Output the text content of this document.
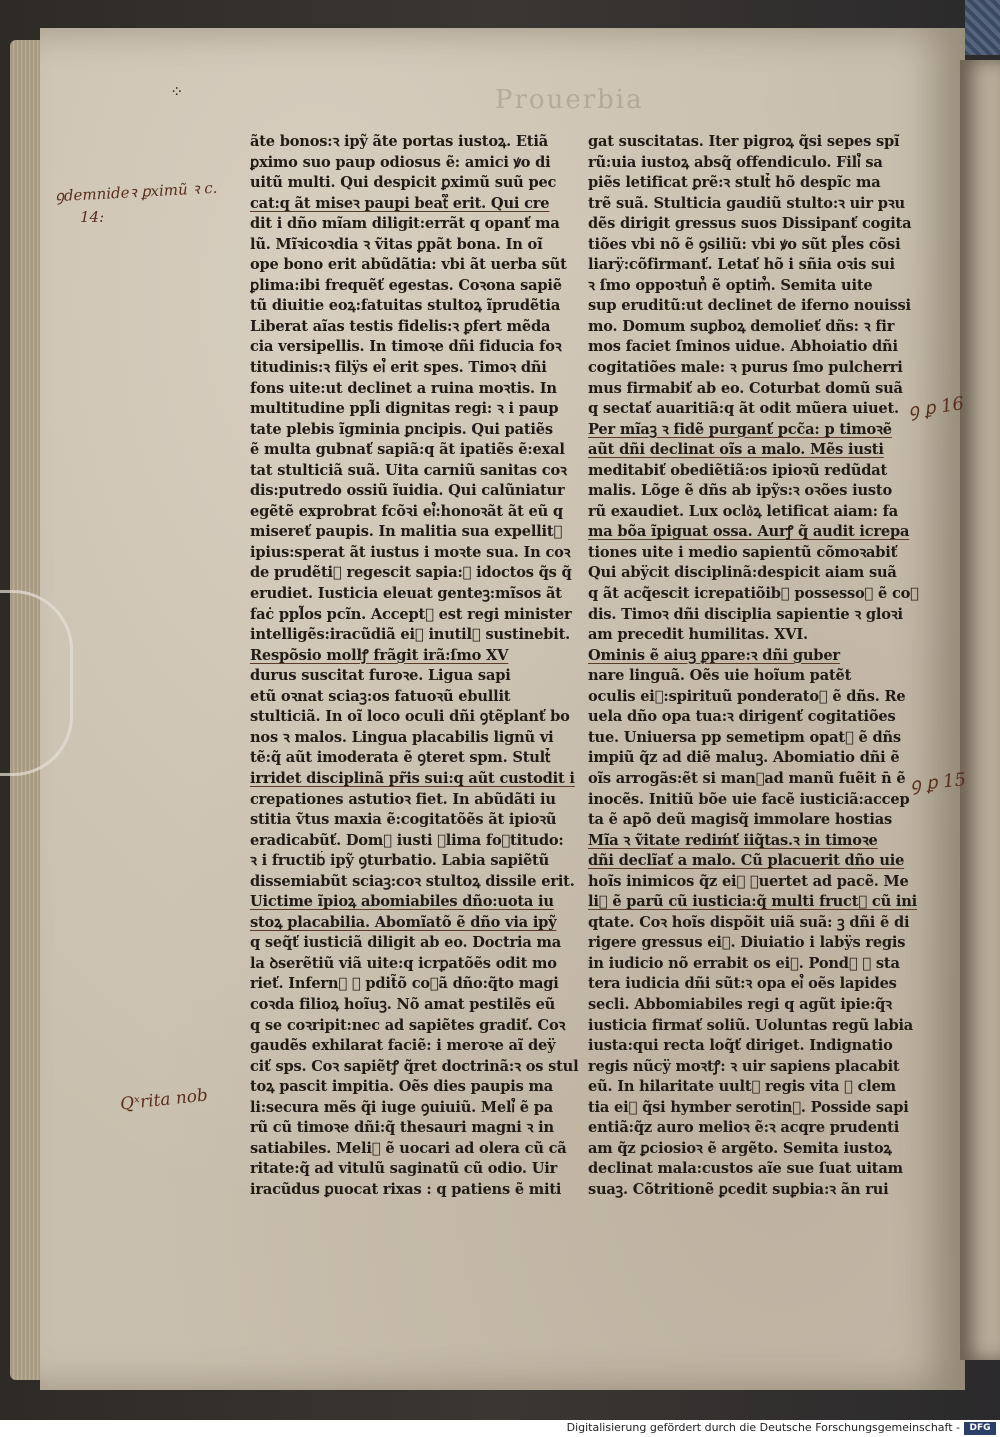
⁘	Prouerbia
ãte bonos:ꝛ ipỹ ãte portas iustoꝝ. Etiã
ꝑximo suo paup odiosus ẽ: amici ꝟo di
uitũ multi. Qui despicit ꝑximũ suũ pec
cat:q ãt miseꝛ paupi beat᷑ erit. Qui cre
dit i dño mĩam diligit:errãt q opanť ma
lũ. Mĩꝛicoꝛdia ꝛ ṽitas ꝑpãt bona. In oĩ
ope bono erit abũdãtia: vbi ãt uerba sũt
ꝑlima:ibi frequẽť egestas. Coꝛona sapiẽ
tũ diuitie eoꝝ:fatuitas stultoꝝ ĩprudẽtia
Liberat aĩas testis fidelis:ꝛ ꝑfert mẽda
cia versipellis. In timoꝛe dñi fiducia foꝛ
titudinis:ꝛ filÿs ei᷒ erit spes. Timoꝛ dñi
fons uite:ut declinet a ruina moꝛtis. In
multitudine ppl̃i dignitas regi: ꝛ i paup
tate plebis ĩgminia ꝑncipis. Qui patiẽs
ẽ multa gubnať sapiã:q ãt ipatiẽs ẽ:exal
tat stulticiã suã. Uita carniũ sanitas coꝛ
dis:putredo ossiũ ĩuidia. Qui calũniatur
egẽtẽ exprobrat fcõꝛi ei᷒:honoꝛãt ãt eũ q
misereť paupis. In malitia sua expellit᷑
ipius:sperat ãt iustus i moꝛte sua. In coꝛ
de prudẽti᷒ regescit sapia:ꝛ idoctos q̃s q̃
erudiet. Iusticia eleuat genteꝫ:mĩsos ãt
faċ ppl̃os pcĩn. Accept᷒ est regi minister
intelligẽs:iracũdiã ei᷒ inutil᷑ sustinebit.
Respõsio mollꝭ frãgit irã:ſmo XV
durus suscitat furoꝛe. Ligua sapi
etũ oꝛnat sciaꝫ:os fatuoꝛũ ebullit
stulticiã. In oĩ loco oculi dñi ꝯtẽplanť bo
nos ꝛ malos. Lingua placabilis lignũ vi
tẽ:q̃ aũt imoderata ẽ ꝯteret spm. Stult᷒
irridet disciplinã pr̃is sui:q aũt custodit i
crepationes astutioꝛ fiet. In abũdãti iu
stitia ṽtus maxia ẽ:cogitatõẽs ãt ipioꝛũ
eradicabũť. Dom᷒ iusti ꝑlima foꝛtitudo:
ꝛ i fructib᷒ ipỹ ꝯturbatio. Labia sapiẽtũ
dissemiabũt sciaꝫ:coꝛ stultoꝝ dissile erit.
Uictime ĩpioꝝ abomiabiles dño:uota iu
stoꝝ placabilia. Abomĩatõ ẽ dño via ipỹ
q seq̃ť iusticiã diligit ab eo. Doctria ma
la ꝺserẽtiũ viã uite:q icrꝑatõẽs odit mo
rieť. Infern᷒ ꝛ pdit̃õ coꝛã dño:q̃to magi
coꝛda filioꝝ hoĩuꝫ. Nõ amat pestilẽs eũ
q se coꝛripit:nec ad sapiẽtes gradiť. Coꝛ
gaudẽs exhilarat faciẽ: i meroꝛe aĩ deÿ
ciť sps. Coꝛ sapiẽtꝭ q̃ret doctrinã:ꝛ os stul
toꝝ pascit impitia. Oẽs dies paupis ma
li:secura mẽs q̃i iuge ꝯuiuiũ. Meli᷒ ẽ pa
rũ cũ timoꝛe dñi:q̃ thesauri magni ꝛ in
satiabiles. Meli᷒ ẽ uocari ad olera cũ cã
ritate:q̃ ad vitulũ saginatũ cũ odio. Uir
iracũdus ꝑuocat rixas : q patiens ẽ miti
gat suscitatas. Iter pigroꝝ q̃si sepes spĩ
rũ:uia iustoꝝ absq̃ offendiculo. Fili᷒ sa
piẽs letificat ꝑrẽ:ꝛ stult᷒ hõ despĩc ma
trẽ suã. Stulticia gaudiũ stulto:ꝛ uir pꝛu
dẽs dirigit gressus suos Dissipanť cogita
tiões vbi nõ ẽ ꝯsiliũ: vbi ꝟo sũt pl̃es cõsi
liarÿ:cõfirmanť. Letať hõ i sñia oꝛis sui
ꝛ ſmo oppoꝛtun᷒ ẽ optim᷒. Semita uite
sup eruditũ:ut declinet de iferno nouissi
mo. Domum suꝑboꝝ demolieť dñs: ꝛ fir
mos faciet ſminos uidue. Abhoiatio dñi
cogitatiões male: ꝛ purus ſmo pulcherri
mus firmabiť ab eo. Coturbat domũ suã
q sectať auaritiã:q ãt odit mũera uiuet.
Per mĩaꝫ ꝛ fidẽ purganť pcc̃a: p timoꝛẽ
aũt dñi declinat oĩs a malo. Mẽs iusti
meditabiť obediẽtiã:os ipioꝛũ redũdat
malis. Lõge ẽ dñs ab ipỹs:ꝛ oꝛões iusto
rũ exaudiet. Lux oclo͛ꝝ letificat aiam: fa
ma bõa ĩpiguat ossa. Aurꝭ q̃ audit icrepa
tiones uite i medio sapientũ cõmoꝛabiť
Qui abÿcit disciplinã:despicit aiam suã
q ãt acq̃escit icrepatiõib᷒ possessoꝛ ẽ coꝛ
dis. Timoꝛ dñi disciplia sapientie ꝛ gloꝛi
am precedit humilitas. XVI.
Ominis ẽ aiuꝫ ꝑpare:ꝛ dñi guber
nare linguã. Oẽs uie hoĩum patẽt
oculis ei᷒:spirituũ ponderatoꝛ ẽ dñs. Re
uela dño opa tua:ꝛ dirigenť cogitatiões
tue. Uniuersa pp semetipm opat᷒ ẽ dñs
impiũ q̃z ad diẽ maluꝫ. Abomiatio dñi ẽ
oĩs arrogãs:ẽt si man᷒ad manũ fuẽit n̄ ẽ
inocẽs. Initiũ bõe uie facẽ iusticiã:accep
ta ẽ apõ deũ magisq̃ immolare hostias
Mĩa ꝛ ṽitate rediḿť iiq̃tas.ꝛ in timoꝛe
dñi declĩať a malo. Cũ placuerit dño uie
hoĩs inimicos q̃z ei᷒ ꝯuertet ad pacẽ. Me
li᷒ ẽ parũ cũ iusticia:q̃ multi fruct᷒ cũ ini
qtate. Coꝛ hoĩs dispõit uiã suã: ꝫ dñi ẽ di
rigere gressus ei᷒. Diuiatio i labÿs regis
in iudicio nõ errabit os ei᷒. Pond᷒ ꝛ sta
tera iudicia dñi sũt:ꝛ opa ei᷒ oẽs lapides
secli. Abbomiabiles regi q agũt ipie:q̃ꝛ
iusticia firmať soliũ. Uoluntas regũ labia
iusta:qui recta loq̃ť diriget. Indignatio
regis nũcÿ moꝛtꝭ: ꝛ uir sapiens placabit
eũ. In hilaritate uult᷒ regis vita ꝛ clem
tia ei᷒ q̃si hymber serotin᷒. Posside sapi
entiã:q̃z auro melioꝛ ẽ:ꝛ acqre prudenti
am q̃z ꝑciosioꝛ ẽ argẽto. Semita iustoꝝ
declinat mala:custos aĩe sue ſuat uitam
suaꝫ. Cõtritionẽ ꝑcedit suꝑbia:ꝛ ãn rui
ꝯdemnideꝛ ꝑximũ ꝛ c.
14:
Qˣrita nob
ꝯ ꝑ 16
ꝯ ꝑ 15
Digitalisierung gefördert durch die Deutsche Forschungsgemeinschaft -	DFG
